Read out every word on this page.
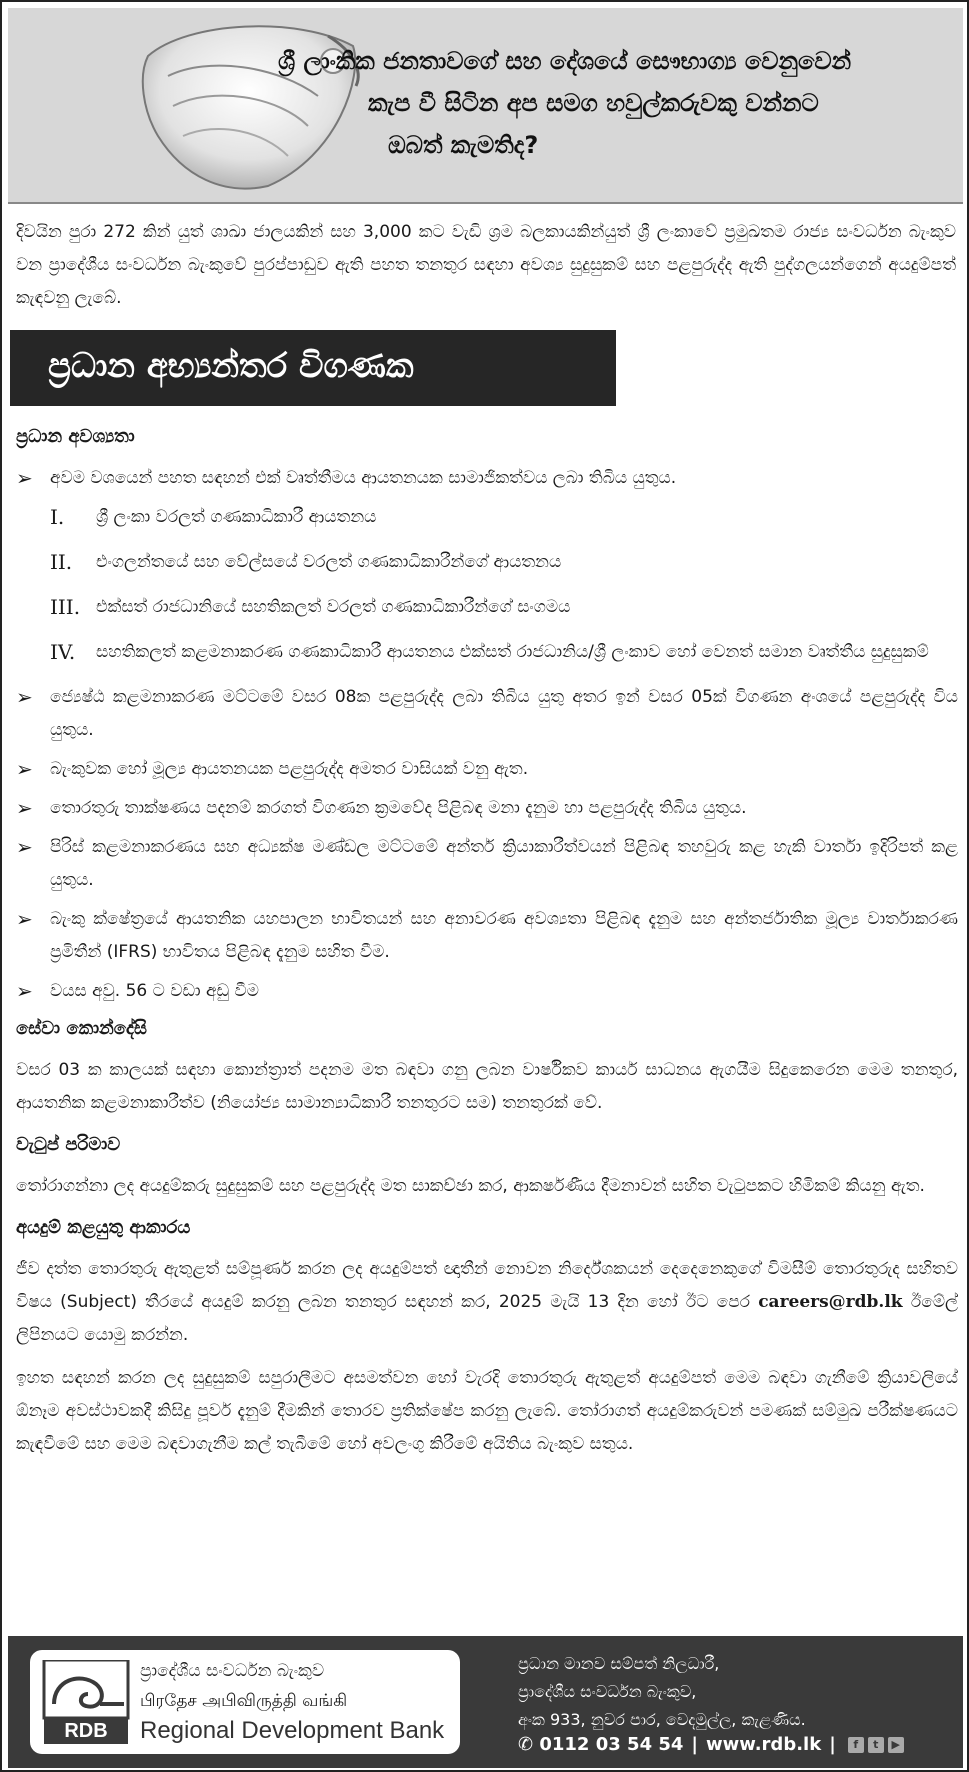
ශ්‍රී ලාංකික ජනතාවගේ සහ දේශයේ සෞභාග්‍ය වෙනුවෙන්
කැප වී සිටින අප සමග හවුල්කරුවකු වන්නට
ඔබත් කැමතිද?

දිවයින පුරා 272 කින් යුත් ශාඛා ජාලයකින් සහ 3,000 කට වැඩි ශ්‍රම බලකායකින්යුත් ශ්‍රී ලංකාවේ ප්‍රමුඛතම රාජ්‍ය සංවර්ධන බැංකුව වන ප්‍රාදේශීය සංවර්ධන බැංකුවේ පුරප්පාඩුව ඇති පහත තනතුර සඳහා අවශ්‍ය සුදුසුකම් සහ පළපුරුද්ද ඇති පුද්ගලයන්ගෙන් අයදුම්පත් කැඳවනු ලැබේ.

ප්‍රධාන අභ්‍යන්තර විගණක
ප්‍රධාන අවශ්‍යතා
➢ අවම වශයෙන් පහත සඳහන් එක් වෘත්තීමය ආයතනයක සාමාජිකත්වය ලබා තිබිය යුතුය.
I. ශ්‍රී ලංකා වරලත් ගණකාධිකාරී ආයතනය
II. එංගලන්තයේ සහ වේල්සයේ වරලත් ගණකාධිකාරීන්ගේ ආයතනය
III. එක්සත් රාජධානියේ සහතිකලත් වරලත් ගණකාධිකාරීන්ගේ සංගමය
IV. සහතිකලත් කළමනාකරණ ගණකාධිකාරී ආයතනය එක්සත් රාජධානිය/ශ්‍රී ලංකාව හෝ වෙනත් සමාන වෘත්තීය සුදුසුකම්
➢ ජ්‍යෙෂ්ඨ කළමනාකරණ මට්ටමේ වසර 08ක පළපුරුද්ද ලබා තිබිය යුතු අතර ඉන් වසර 05ක් විගණන අංශයේ පළපුරුද්ද විය යුතුය.
➢ බැංකුවක හෝ මූල්‍ය ආයතනයක පළපුරුද්ද අමතර වාසියක් වනු ඇත.
➢ තොරතුරු තාක්ෂණය පදනම් කරගත් විගණන ක්‍රමවේද පිළිබඳ මනා දැනුම හා පළපුරුද්ද තිබිය යුතුය.
➢ පිරිස් කළමනාකරණය සහ අධ්‍යක්ෂ මණ්ඩල මට්ටමේ අන්තර් ක්‍රියාකාරීත්වයන් පිළිබඳ තහවුරු කළ හැකි වාර්තා ඉදිරිපත් කළ යුතුය.
➢ බැංකු ක්ෂේත්‍රයේ ආයතනික යහපාලන භාවිතයන් සහ අනාවරණ අවශ්‍යතා පිළිබඳ දැනුම සහ අන්තර්ජාතික මූල්‍ය වාර්තාකරණ ප්‍රමිතීන් (IFRS) භාවිතය පිළිබඳ දැනුම සහිත වීම.
➢ වයස අවු. 56 ට වඩා අඩු වීම
සේවා කොන්දේසි

වසර 03 ක කාලයක් සඳහා කොන්ත්‍රාත් පදනම මත බඳවා ගනු ලබන වාර්ෂිකව කාර්ය සාධනය ඇගයීම සිදුකෙරෙන මෙම තනතුර, ආයතනික කළමනාකාරීත්ව (නියෝජ්‍ය සාමාන්‍යාධිකාරී තනතුරට සම) තනතුරක් වේ.

වැටුප් පරිමාව

තෝරාගන්නා ලද අයදුම්කරු සුදුසුකම් සහ පළපුරුද්ද මත සාකච්ඡා කර, ආකර්ෂණීය දීමනාවන් සහිත වැටුපකට හිමිකම් කියනු ඇත.

අයදුම් කළයුතු ආකාරය

ජීව දත්ත තොරතුරු ඇතුළත් සම්පූර්ණ කරන ලද අයදුම්පත් ඥාතීන් නොවන නිර්දේශකයන් දෙදෙනෙකුගේ විමසීම් තොරතුරුද සහිතව විෂය (Subject) තීරයේ අයදුම් කරනු ලබන තනතුර සඳහන් කර, 2025 මැයි 13 දින හෝ ඊට පෙර careers@rdb.lk ඊමේල් ලිපිනයට යොමු කරන්න.

ඉහත සඳහන් කරන ලද සුදුසුකම් සපුරාලීමට අසමත්වන හෝ වැරදි තොරතුරු ඇතුළත් අයදුම්පත් මෙම බඳවා ගැනීමේ ක්‍රියාවලියේ ඕනෑම අවස්ථාවකදී කිසිදු පූර්ව දැනුම් දීමකින් තොරව ප්‍රතික්ෂේප කරනු ලැබේ. තෝරාගත් අයදුම්කරුවන් පමණක් සම්මුඛ පරීක්ෂණයට කැඳවීමේ සහ මෙම බඳවාගැනීම කල් තැබීමේ හෝ අවලංගු කිරීමේ අයිතිය බැංකුව සතුය.

RDB
ප්‍රාදේශීය සංවර්ධන බැංකුව
பிரதேச அபிவிருத்தி வங்கி
Regional Development Bank
ප්‍රධාන මානව සම්පත් නිලධාරී,
ප්‍රාදේශීය සංවර්ධන බැංකුව,
අංක 933, නුවර පාර, වෙදමුල්ල, කැළණිය.
✆ 0112 03 54 54 | www.rdb.lk |	f	t	▶
